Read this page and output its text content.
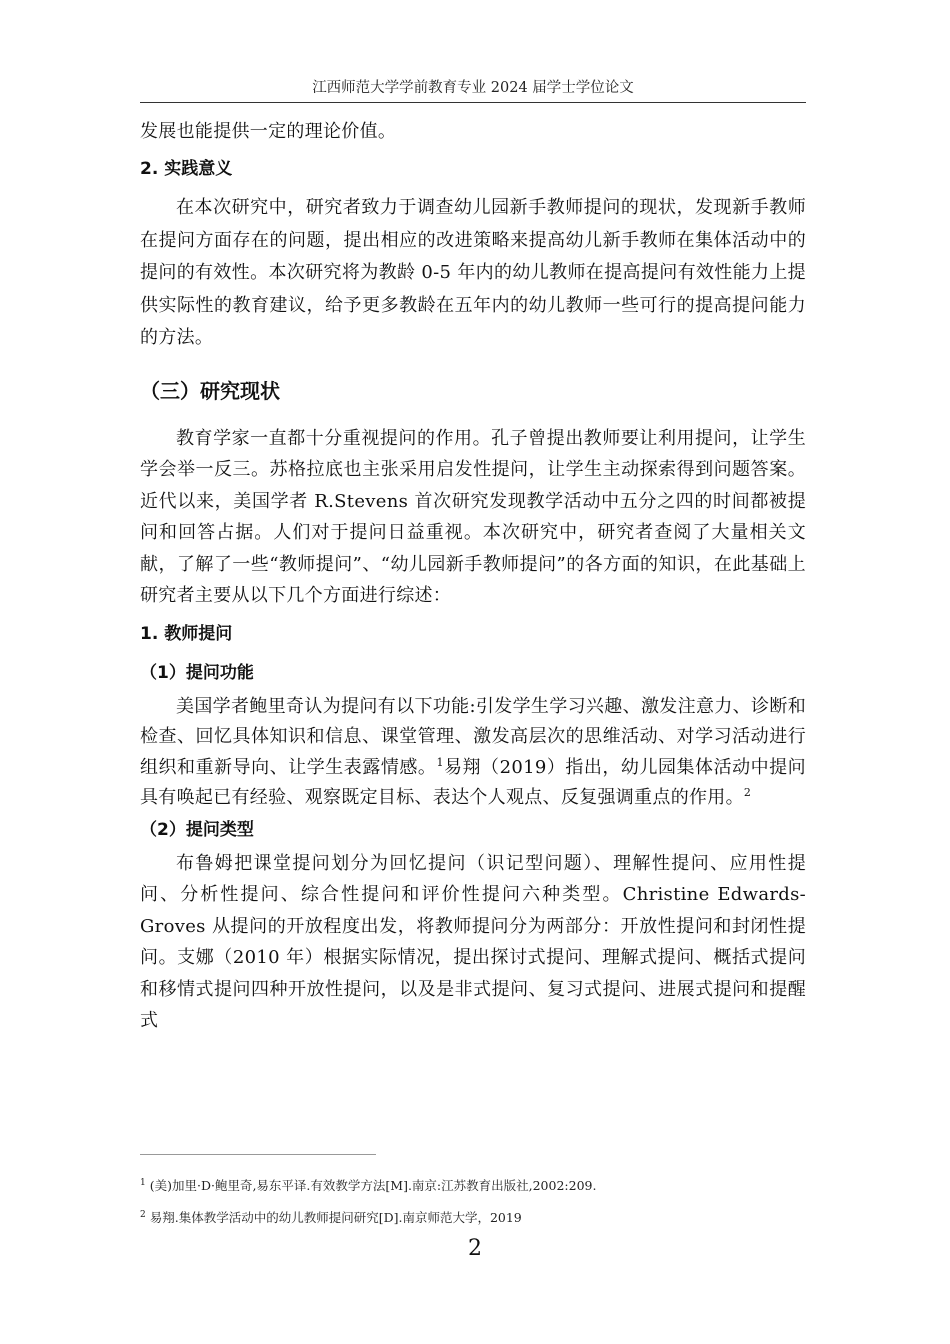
江西师范大学学前教育专业 2024 届学士学位论文

发展也能提供一定的理论价值。

2. 实践意义

在本次研究中，研究者致力于调查幼儿园新手教师提问的现状，发现新手教师在提问方面存在的问题，提出相应的改进策略来提高幼儿新手教师在集体活动中的提问的有效性。本次研究将为教龄 0-5 年内的幼儿教师在提高提问有效性能力上提供实际性的教育建议，给予更多教龄在五年内的幼儿教师一些可行的提高提问能力的方法。

（三）研究现状

教育学家一直都十分重视提问的作用。孔子曾提出教师要让利用提问，让学生学会举一反三。苏格拉底也主张采用启发性提问，让学生主动探索得到问题答案。近代以来，美国学者 R.Stevens 首次研究发现教学活动中五分之四的时间都被提问和回答占据。人们对于提问日益重视。本次研究中，研究者查阅了大量相关文献，了解了一些“教师提问”、“幼儿园新手教师提问”的各方面的知识，在此基础上研究者主要从以下几个方面进行综述：

1. 教师提问
（1）提问功能

美国学者鲍里奇认为提问有以下功能:引发学生学习兴趣、激发注意力、诊断和检查、回忆具体知识和信息、课堂管理、激发高层次的思维活动、对学习活动进行组织和重新导向、让学生表露情感。$^1$易翔（2019）指出，幼儿园集体活动中提问具有唤起已有经验、观察既定目标、表达个人观点、反复强调重点的作用。$^2$

（2）提问类型

布鲁姆把课堂提问划分为回忆提问（识记型问题）、理解性提问、应用性提问、分析性提问、综合性提问和评价性提问六种类型。Christine Edwards-Groves 从提问的开放程度出发，将教师提问分为两部分：开放性提问和封闭性提问。支娜（2010 年）根据实际情况，提出探讨式提问、理解式提问、概括式提问和移情式提问四种开放性提问，以及是非式提问、复习式提问、进展式提问和提醒式

$^1$ (美)加里·D·鲍里奇,易东平译.有效教学方法[M].南京:江苏教育出版社,2002:209.
$^2$ 易翔.集体教学活动中的幼儿教师提问研究[D].南京师范大学，2019
2
